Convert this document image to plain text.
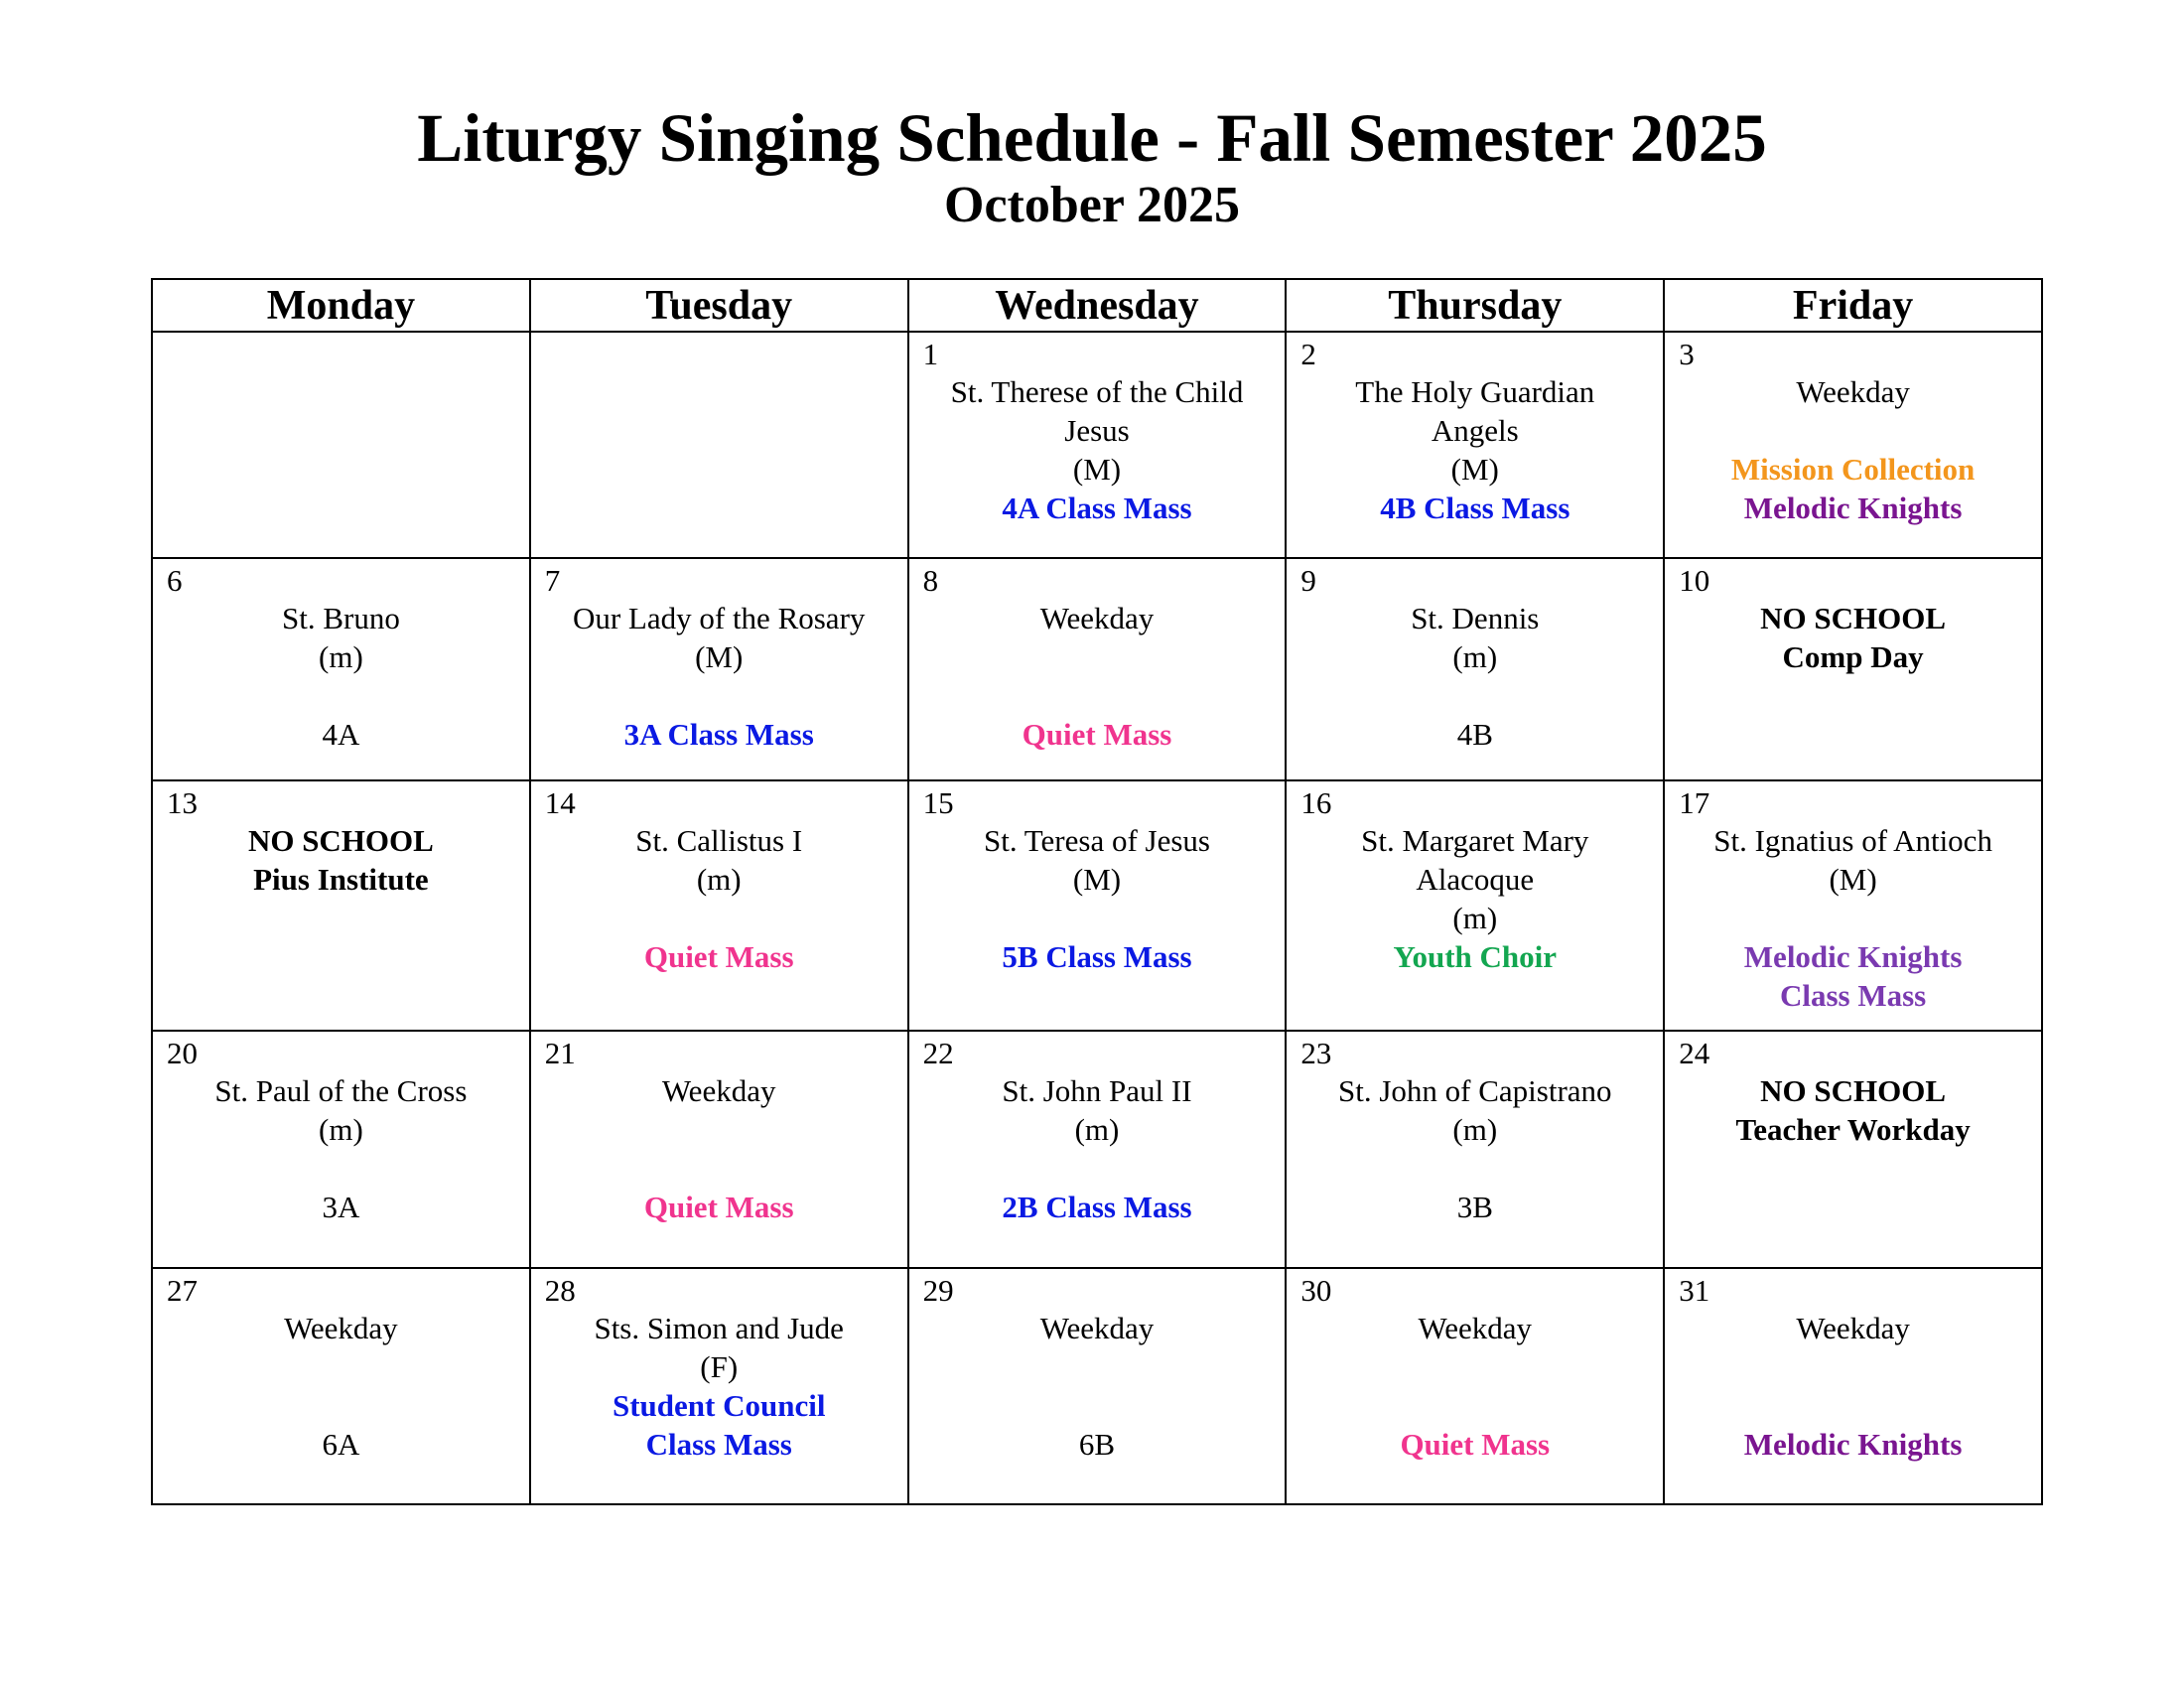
Liturgy Singing Schedule - Fall Semester 2025
October 2025
Monday	Tuesday	Wednesday	Thursday	Friday

		1
St. Therese of the Child
Jesus
(M)
4A Class Mass	2
The Holy Guardian
Angels
(M)
4B Class Mass	3
Weekday
Mission Collection
Melodic Knights

6
St. Bruno
(m)
4A	7
Our Lady of the Rosary
(M)
3A Class Mass	8
Weekday
Quiet Mass	9
St. Dennis
(m)
4B	10
NO SCHOOL
Comp Day

13
NO SCHOOL
Pius Institute	14
St. Callistus I
(m)
Quiet Mass	15
St. Teresa of Jesus
(M)
5B Class Mass	16
St. Margaret Mary
Alacoque
(m)
Youth Choir	17
St. Ignatius of Antioch
(M)
Melodic Knights
Class Mass

20
St. Paul of the Cross
(m)
3A	21
Weekday
Quiet Mass	22
St. John Paul II
(m)
2B Class Mass	23
St. John of Capistrano
(m)
3B	24
NO SCHOOL
Teacher Workday

27
Weekday
6A	28
Sts. Simon and Jude
(F)
Student Council
Class Mass	29
Weekday
6B	30
Weekday
Quiet Mass	31
Weekday
Melodic Knights
